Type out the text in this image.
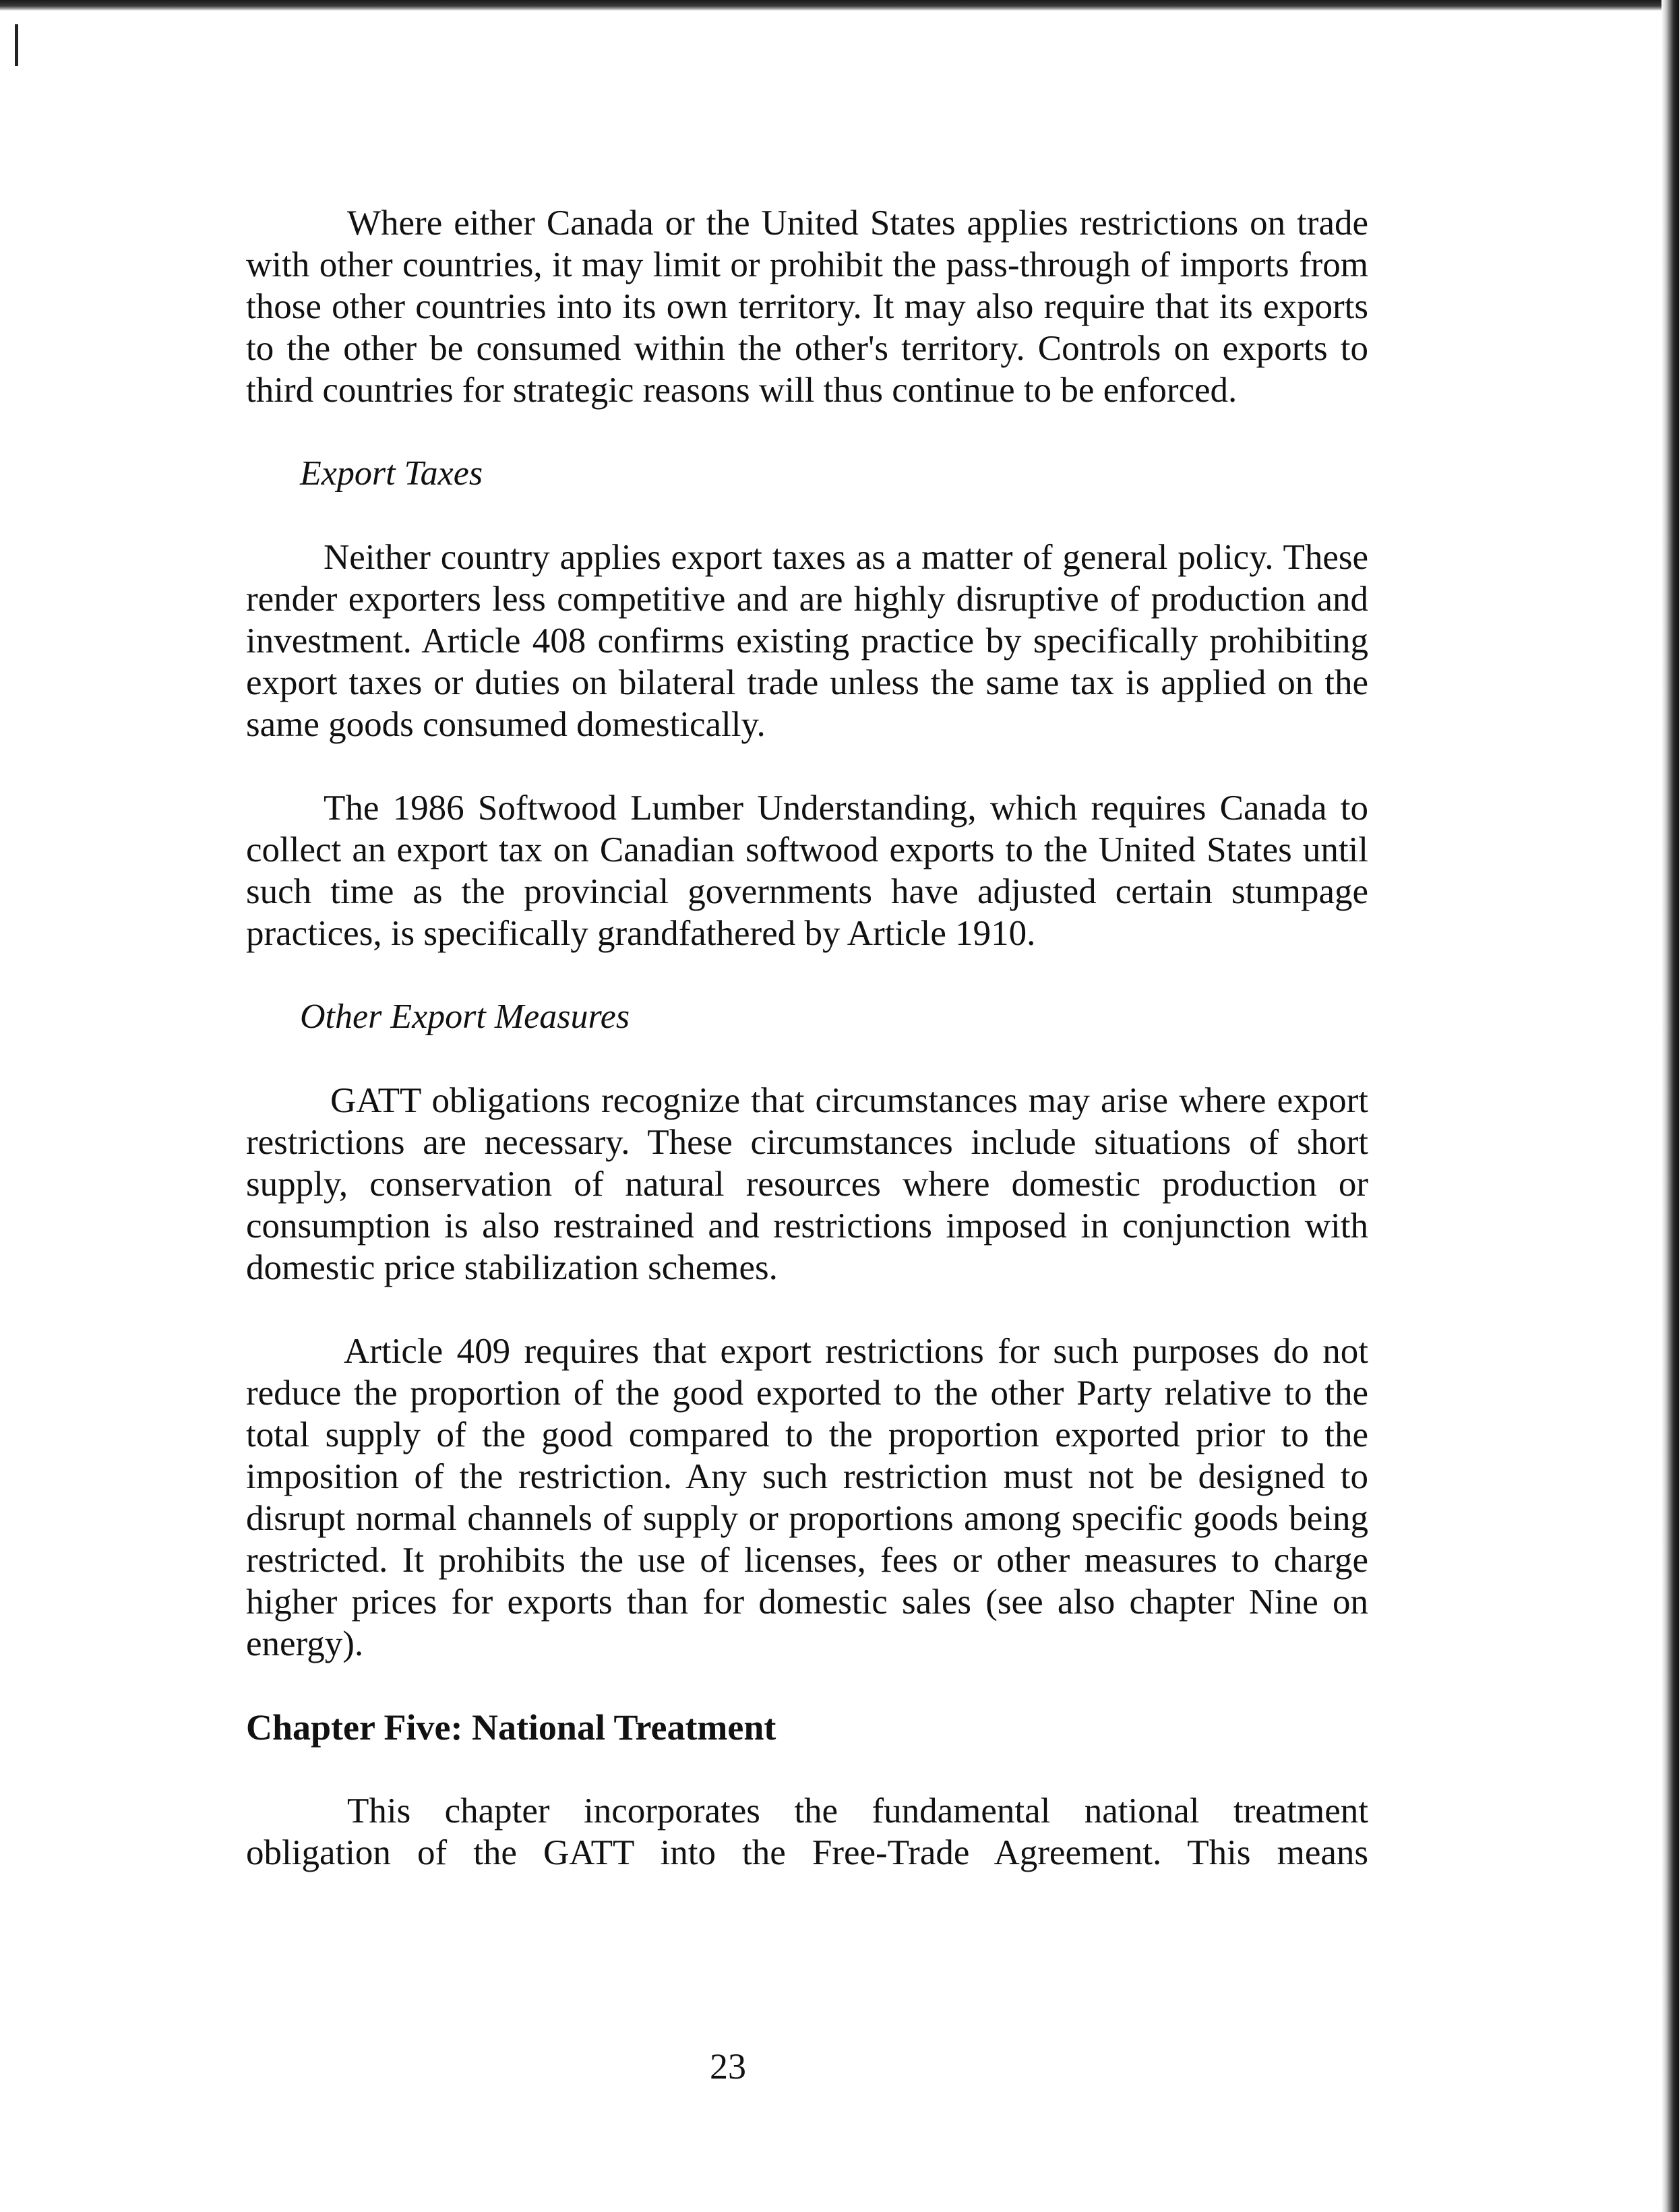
Where either Canada or the United States applies restrictions on trade with other countries, it may limit or prohibit the pass-through of imports from those other countries into its own territory. It may also require that its exports to the other be consumed within the other's territory. Controls on exports to third countries for strategic reasons will thus continue to be enforced.

Export Taxes

Neither country applies export taxes as a matter of general policy. These render exporters less competitive and are highly disruptive of production and investment. Article 408 confirms existing practice by specifically prohibiting export taxes or duties on bilateral trade unless the same tax is applied on the same goods consumed domestically.

The 1986 Softwood Lumber Understanding, which requires Canada to collect an export tax on Canadian softwood exports to the United States until such time as the provincial governments have adjusted certain stumpage practices, is specifically grandfathered by Article 1910.

Other Export Measures

GATT obligations recognize that circumstances may arise where export restrictions are necessary. These circumstances include situations of short supply, conservation of natural resources where domestic production or consumption is also restrained and restrictions imposed in conjunction with domestic price stabilization schemes.

Article 409 requires that export restrictions for such purposes do not reduce the proportion of the good exported to the other Party relative to the total supply of the good compared to the proportion exported prior to the imposition of the restriction. Any such restriction must not be designed to disrupt normal channels of supply or proportions among specific goods being restricted. It prohibits the use of licenses, fees or other measures to charge higher prices for exports than for domestic sales (see also chapter Nine on energy).

Chapter Five: National Treatment

This chapter incorporates the fundamental national treatment obligation of the GATT into the Free-Trade Agreement. This means

23
